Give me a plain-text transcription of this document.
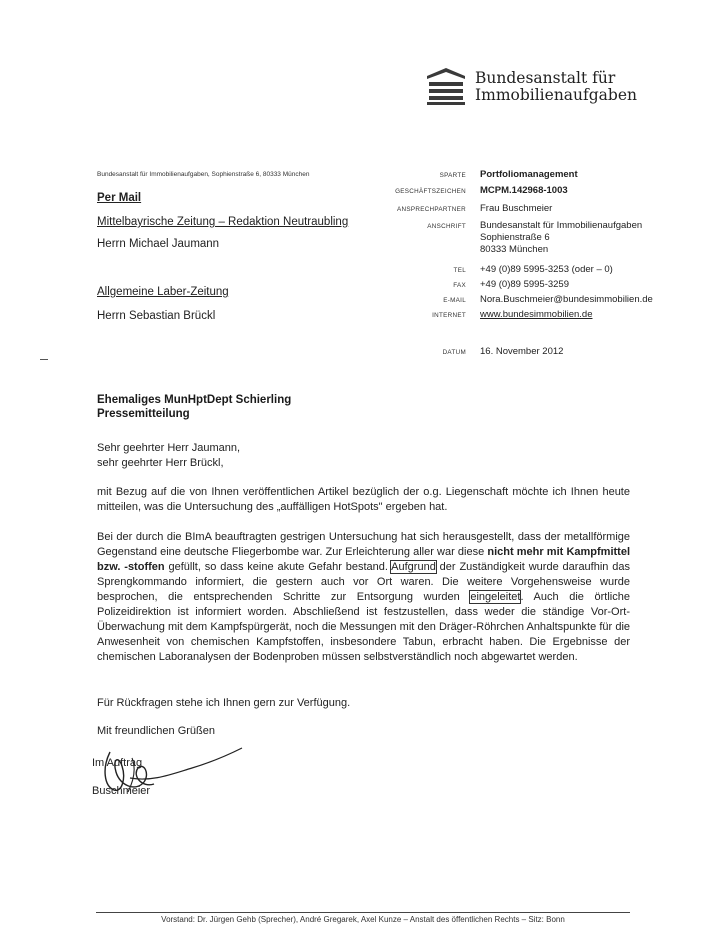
Bundesanstalt für
Immobilienaufgaben
Bundesanstalt für Immobilienaufgaben, Sophienstraße 6, 80333 München
Per Mail
Mittelbayrische Zeitung – Redaktion Neutraubling
Herrn Michael Jaumann
Allgemeine Laber-Zeitung
Herrn Sebastian Brückl
SPARTE Portfoliomanagement
GESCHÄFTSZEICHEN MCPM.142968-1003
ANSPRECHPARTNER Frau Buschmeier
ANSCHRIFT Bundesanstalt für Immobilienaufgaben
Sophienstraße 6
80333 München
TEL +49 (0)89 5995-3253 (oder – 0)
FAX +49 (0)89 5995-3259
E-MAIL Nora.Buschmeier@bundesimmobilien.de
INTERNET www.bundesimmobilien.de
DATUM 16. November 2012
Ehemaliges MunHptDept Schierling
Pressemitteilung
Sehr geehrter Herr Jaumann,
sehr geehrter Herr Brückl,
mit Bezug auf die von Ihnen veröffentlichen Artikel bezüglich der o.g. Liegenschaft möchte ich Ihnen heute mitteilen, was die Untersuchung des „auffälligen HotSpots" ergeben hat.
Bei der durch die BImA beauftragten gestrigen Untersuchung hat sich herausgestellt, dass der metallförmige Gegenstand eine deutsche Fliegerbombe war. Zur Erleichterung aller war diese nicht mehr mit Kampfmittel bzw. -stoffen gefüllt, so dass keine akute Gefahr bestand. Aufgrund der Zuständigkeit wurde daraufhin das Sprengkommando informiert, die gestern auch vor Ort waren. Die weitere Vorgehensweise wurde besprochen, die entsprechenden Schritte zur Entsorgung wurden eingeleitet. Auch die örtliche Polizeidirektion ist informiert worden. Abschließend ist festzustellen, dass weder die ständige Vor-Ort-Überwachung mit dem Kampfspürgerät, noch die Messungen mit den Dräger-Röhrchen Anhaltspunkte für die Anwesenheit von chemischen Kampfstoffen, insbesondere Tabun, erbracht haben. Die Ergebnisse der chemischen Laboranalysen der Bodenproben müssen selbstverständlich noch abgewartet werden.
Für Rückfragen stehe ich Ihnen gern zur Verfügung.
Mit freundlichen Grüßen
Im Auftrag
Buschmeier
Vorstand: Dr. Jürgen Gehb (Sprecher), André Gregarek, Axel Kunze – Anstalt des öffentlichen Rechts – Sitz: Bonn
